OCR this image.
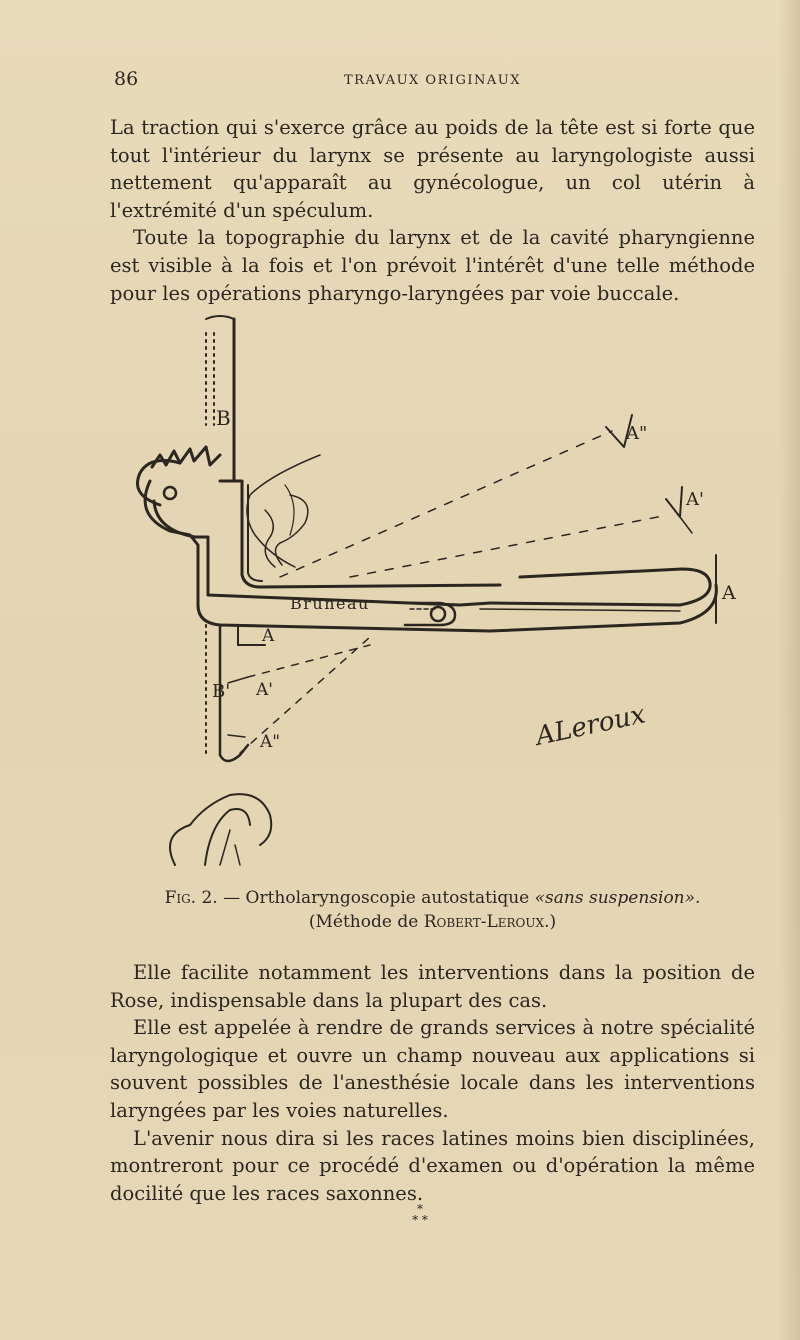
86	TRAVAUX ORIGINAUX

La traction qui s'exerce grâce au poids de la tête est si forte que tout l'intérieur du larynx se présente au laryngologiste aussi nettement qu'apparaît au gynécologue, un col utérin à l'extrémité d'un spéculum.

Toute la topographie du larynx et de la cavité pharyngienne est visible à la fois et l'on prévoit l'intérêt d'une telle méthode pour les opérations pharyngo-laryngées par voie buccale.

B
B'
A
A'
A"
A
A'
A"
Bruneau
ALeroux
Fig. 2. — Ortholaryngoscopie autostatique «sans suspension».
(Méthode de Robert-Leroux.)

Elle facilite notamment les interventions dans la position de Rose, indispensable dans la plupart des cas.

Elle est appelée à rendre de grands services à notre spécialité laryngologique et ouvre un champ nouveau aux applications si souvent possibles de l'anesthésie locale dans les interventions laryngées par les voies naturelles.

L'avenir nous dira si les races latines moins bien disciplinées, montreront pour ce procédé d'examen ou d'opération la même docilité que les races saxonnes.

*
* *
